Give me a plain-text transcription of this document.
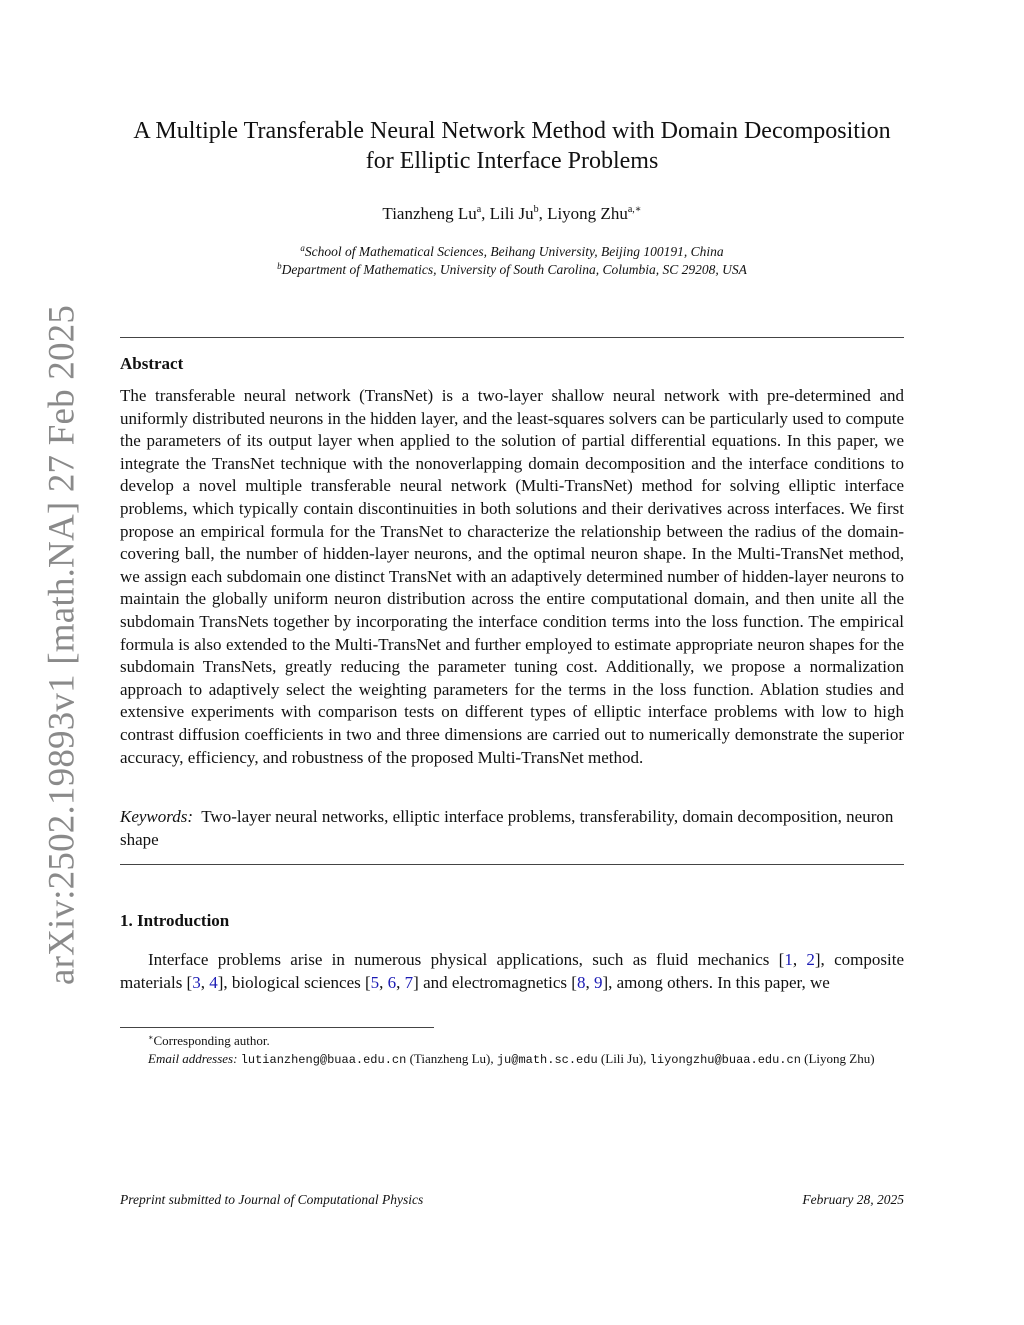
arXiv:2502.19893v1 [math.NA] 27 Feb 2025
A Multiple Transferable Neural Network Method with Domain Decomposition
for Elliptic Interface Problems
Tianzheng Lu$^a$, Lili Ju$^b$, Liyong Zhu$^{a,∗}$
$^a$School of Mathematical Sciences, Beihang University, Beijing 100191, China
$^b$Department of Mathematics, University of South Carolina, Columbia, SC 29208, USA
Abstract

The transferable neural network (TransNet) is a two-layer shallow neural network with pre-determined and uniformly distributed neurons in the hidden layer, and the least-squares solvers can be particularly used to compute the parameters of its output layer when applied to the solution of partial differential equations. In this paper, we integrate the TransNet technique with the nonoverlapping domain decomposition and the interface conditions to develop a novel multiple transferable neural network (Multi-TransNet) method for solving elliptic interface problems, which typically contain discontinuities in both solutions and their derivatives across interfaces. We first propose an empirical formula for the TransNet to characterize the relationship between the radius of the domain-covering ball, the number of hidden-layer neurons, and the optimal neuron shape. In the Multi-TransNet method, we assign each subdomain one distinct TransNet with an adaptively determined number of hidden-layer neurons to maintain the globally uniform neuron distribution across the entire computational domain, and then unite all the subdomain TransNets together by incorporating the interface condition terms into the loss function. The empirical formula is also extended to the Multi-TransNet and further employed to estimate appropriate neuron shapes for the subdomain TransNets, greatly reducing the parameter tuning cost. Additionally, we propose a normalization approach to adaptively select the weighting parameters for the terms in the loss function. Ablation studies and extensive experiments with comparison tests on different types of elliptic interface problems with low to high contrast diffusion coefficients in two and three dimensions are carried out to numerically demonstrate the superior accuracy, efficiency, and robustness of the proposed Multi-TransNet method.

Keywords: Two-layer neural networks, elliptic interface problems, transferability, domain decomposition, neuron shape

1. Introduction

Interface problems arise in numerous physical applications, such as fluid mechanics [1, 2], composite materials [3, 4], biological sciences [5, 6, 7] and electromagnetics [8, 9], among others. In this paper, we

∗Corresponding author.
Email addresses: lutianzheng@buaa.edu.cn (Tianzheng Lu), ju@math.sc.edu (Lili Ju), liyongzhu@buaa.edu.cn (Liyong Zhu)
Preprint submitted to Journal of Computational Physics	February 28, 2025
